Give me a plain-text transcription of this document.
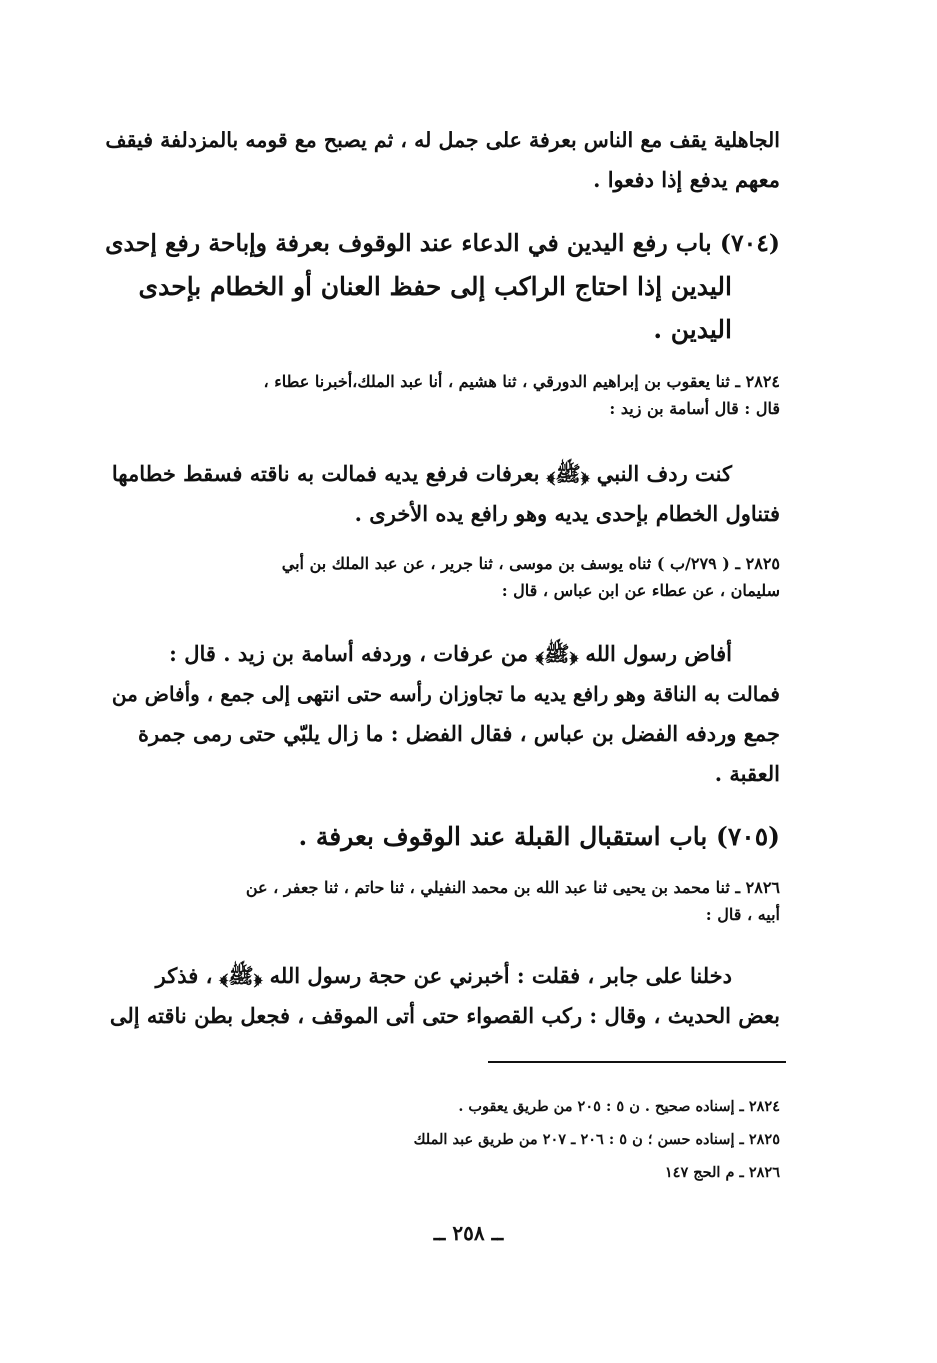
الجاهلية يقف مع الناس بعرفة على جمل له ، ثم يصبح مع قومه بالمزدلفة فيقف
معهم يدفع إذا دفعوا .
(٧٠٤) باب رفع اليدين في الدعاء عند الوقوف بعرفة وإباحة رفع إحدى
اليدين إذا احتاج الراكب إلى حفظ العنان أو الخطام بإحدى
اليدين .
٢٨٢٤ ـ ثنا يعقوب بن إبراهيم الدورقي ، ثنا هشيم ، أنا عبد الملك،أخبرنا عطاء ،
قال : قال أسامة بن زيد :
كنت ردف النبي ﴿ﷺ﴾ بعرفات فرفع يديه فمالت به ناقته فسقط خطامها
فتناول الخطام بإحدى يديه وهو رافع يده الأخرى .
٢٨٢٥ ـ ( ٢٧٩/ب ) ثناه يوسف بن موسى ، ثنا جرير ، عن عبد الملك بن أبي
سليمان ، عن عطاء عن ابن عباس ، قال :
أفاض رسول الله ﴿ﷺ﴾ من عرفات ، وردفه أسامة بن زيد . قال :
فمالت به الناقة وهو رافع يديه ما تجاوزان رأسه حتى انتهى إلى جمع ، وأفاض من
جمع وردفه الفضل بن عباس ، فقال الفضل : ما زال يلبّي حتى رمى جمرة
العقبة .
(٧٠٥) باب استقبال القبلة عند الوقوف بعرفة .
٢٨٢٦ ـ ثنا محمد بن يحيى ثنا عبد الله بن محمد النفيلي ، ثنا حاتم ، ثنا جعفر ، عن
أبيه ، قال :
دخلنا على جابر ، فقلت : أخبرني عن حجة رسول الله ﴿ﷺ﴾ ، فذكر
بعض الحديث ، وقال : ركب القصواء حتى أتى الموقف ، فجعل بطن ناقته إلى
٢٨٢٤ ـ إسناده صحيح . ن ٥ : ٢٠٥ من طريق يعقوب .
٢٨٢٥ ـ إسناده حسن ؛ ن ٥ : ٢٠٦ ـ ٢٠٧ من طريق عبد الملك
٢٨٢٦ ـ م الحج ١٤٧
ــ ٢٥٨ ــ
